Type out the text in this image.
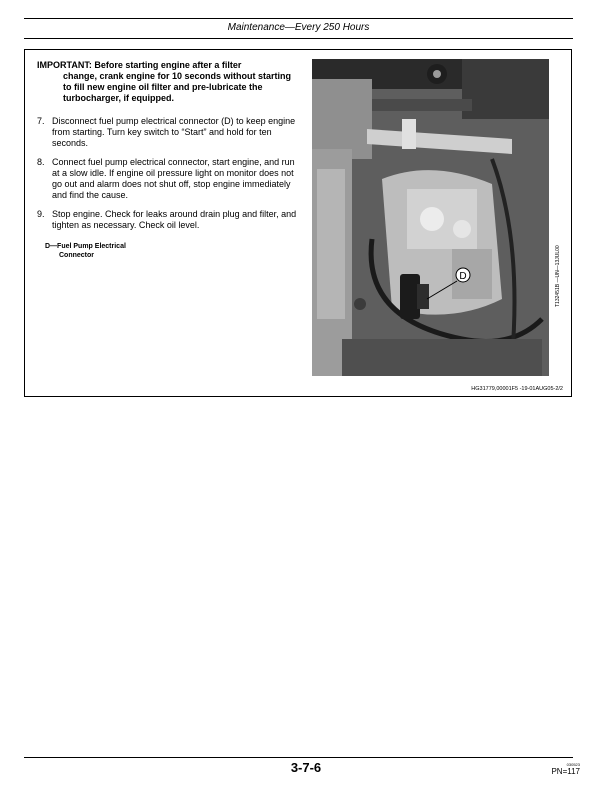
Maintenance—Every 250 Hours
IMPORTANT: Before starting engine after a filter
change, crank engine for 10 seconds without starting to fill new engine oil filter and pre-lubricate the turbocharger, if equipped.
7. Disconnect fuel pump electrical connector (D) to keep engine from starting. Turn key switch to “Start” and hold for ten seconds.
8. Connect fuel pump electrical connector, start engine, and run at a slow idle. If engine oil pressure light on monitor does not go out and alarm does not shut off, stop engine immediately and find the cause.
9. Stop engine. Check for leaks around drain plug and filter, and tighten as necessary. Check oil level.
D—Fuel Pump Electrical
Connector
D	T132451B —UN—13JUL00
HG31779,00001F5 -19-01AUG05-2/2
3-7-6	030523
PN=117
